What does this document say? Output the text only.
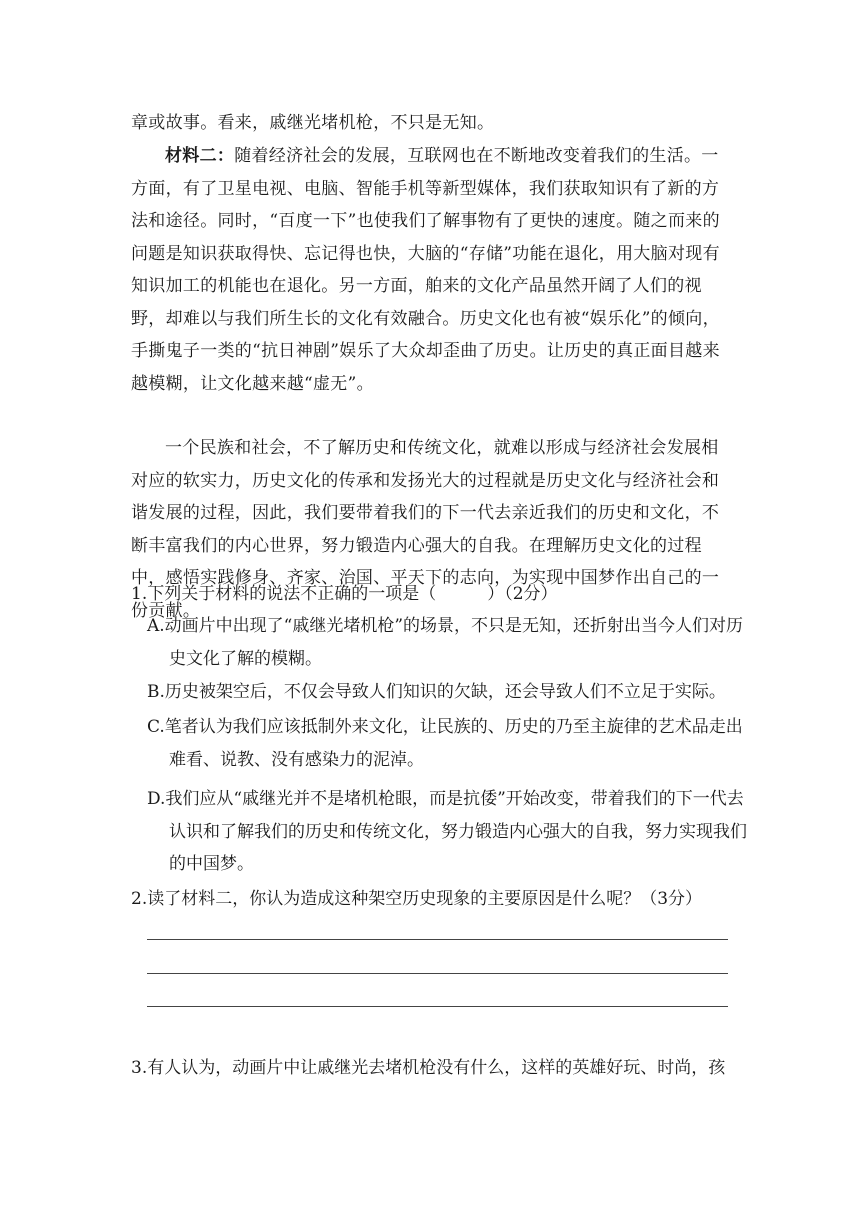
章或故事。看来，戚继光堵机枪，不只是无知。

材料二：随着经济社会的发展，互联网也在不断地改变着我们的生活。一方面，有了卫星电视、电脑、智能手机等新型媒体，我们获取知识有了新的方法和途径。同时，“百度一下”也使我们了解事物有了更快的速度。随之而来的问题是知识获取得快、忘记得也快，大脑的“存储”功能在退化，用大脑对现有知识加工的机能也在退化。另一方面，舶来的文化产品虽然开阔了人们的视野，却难以与我们所生长的文化有效融合。历史文化也有被“娱乐化”的倾向，手撕鬼子一类的“抗日神剧”娱乐了大众却歪曲了历史。让历史的真正面目越来越模糊，让文化越来越“虚无”。

一个民族和社会，不了解历史和传统文化，就难以形成与经济社会发展相对应的软实力，历史文化的传承和发扬光大的过程就是历史文化与经济社会和谐发展的过程，因此，我们要带着我们的下一代去亲近我们的历史和文化，不断丰富我们的内心世界，努力锻造内心强大的自我。在理解历史文化的过程中，感悟实践修身、齐家、治国、平天下的志向，为实现中国梦作出自己的一份贡献。

1.下列关于材料的说法不正确的一项是（　　　）（2分）

A.动画片中出现了“戚继光堵机枪”的场景，不只是无知，还折射出当今人们对历史文化了解的模糊。

B.历史被架空后，不仅会导致人们知识的欠缺，还会导致人们不立足于实际。

C.笔者认为我们应该抵制外来文化，让民族的、历史的乃至主旋律的艺术品走出难看、说教、没有感染力的泥淖。

D.我们应从“戚继光并不是堵机枪眼，而是抗倭”开始改变，带着我们的下一代去认识和了解我们的历史和传统文化，努力锻造内心强大的自我，努力实现我们的中国梦。

2.读了材料二，你认为造成这种架空历史现象的主要原因是什么呢？（3分）

3.有人认为，动画片中让戚继光去堵机枪没有什么，这样的英雄好玩、时尚，孩
